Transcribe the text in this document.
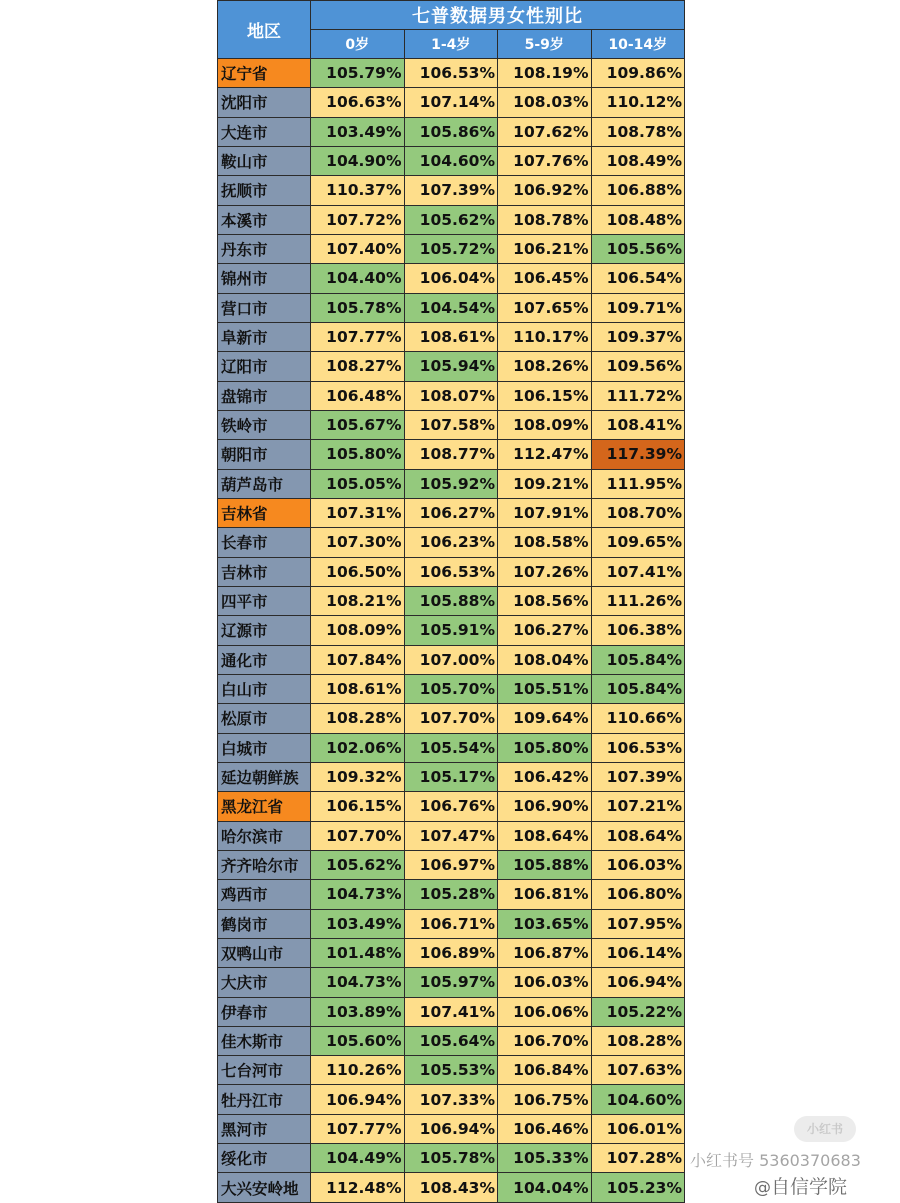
地区	七普数据男女性别比			
	0岁	1-4岁	5-9岁	10-14岁
辽宁省	105.79%	106.53%	108.19%	109.86%
沈阳市	106.63%	107.14%	108.03%	110.12%
大连市	103.49%	105.86%	107.62%	108.78%
鞍山市	104.90%	104.60%	107.76%	108.49%
抚顺市	110.37%	107.39%	106.92%	106.88%
本溪市	107.72%	105.62%	108.78%	108.48%
丹东市	107.40%	105.72%	106.21%	105.56%
锦州市	104.40%	106.04%	106.45%	106.54%
营口市	105.78%	104.54%	107.65%	109.71%
阜新市	107.77%	108.61%	110.17%	109.37%
辽阳市	108.27%	105.94%	108.26%	109.56%
盘锦市	106.48%	108.07%	106.15%	111.72%
铁岭市	105.67%	107.58%	108.09%	108.41%
朝阳市	105.80%	108.77%	112.47%	117.39%
葫芦岛市	105.05%	105.92%	109.21%	111.95%
吉林省	107.31%	106.27%	107.91%	108.70%
长春市	107.30%	106.23%	108.58%	109.65%
吉林市	106.50%	106.53%	107.26%	107.41%
四平市	108.21%	105.88%	108.56%	111.26%
辽源市	108.09%	105.91%	106.27%	106.38%
通化市	107.84%	107.00%	108.04%	105.84%
白山市	108.61%	105.70%	105.51%	105.84%
松原市	108.28%	107.70%	109.64%	110.66%
白城市	102.06%	105.54%	105.80%	106.53%
延边朝鲜族	109.32%	105.17%	106.42%	107.39%
黑龙江省	106.15%	106.76%	106.90%	107.21%
哈尔滨市	107.70%	107.47%	108.64%	108.64%
齐齐哈尔市	105.62%	106.97%	105.88%	106.03%
鸡西市	104.73%	105.28%	106.81%	106.80%
鹤岗市	103.49%	106.71%	103.65%	107.95%
双鸭山市	101.48%	106.89%	106.87%	106.14%
大庆市	104.73%	105.97%	106.03%	106.94%
伊春市	103.89%	107.41%	106.06%	105.22%
佳木斯市	105.60%	105.64%	106.70%	108.28%
七台河市	110.26%	105.53%	106.84%	107.63%
牡丹江市	106.94%	107.33%	106.75%	104.60%
黑河市	107.77%	106.94%	106.46%	106.01%
绥化市	104.49%	105.78%	105.33%	107.28%
大兴安岭地	112.48%	108.43%	104.04%	105.23%
小红书
小红书号 5360370683
@自信学院
